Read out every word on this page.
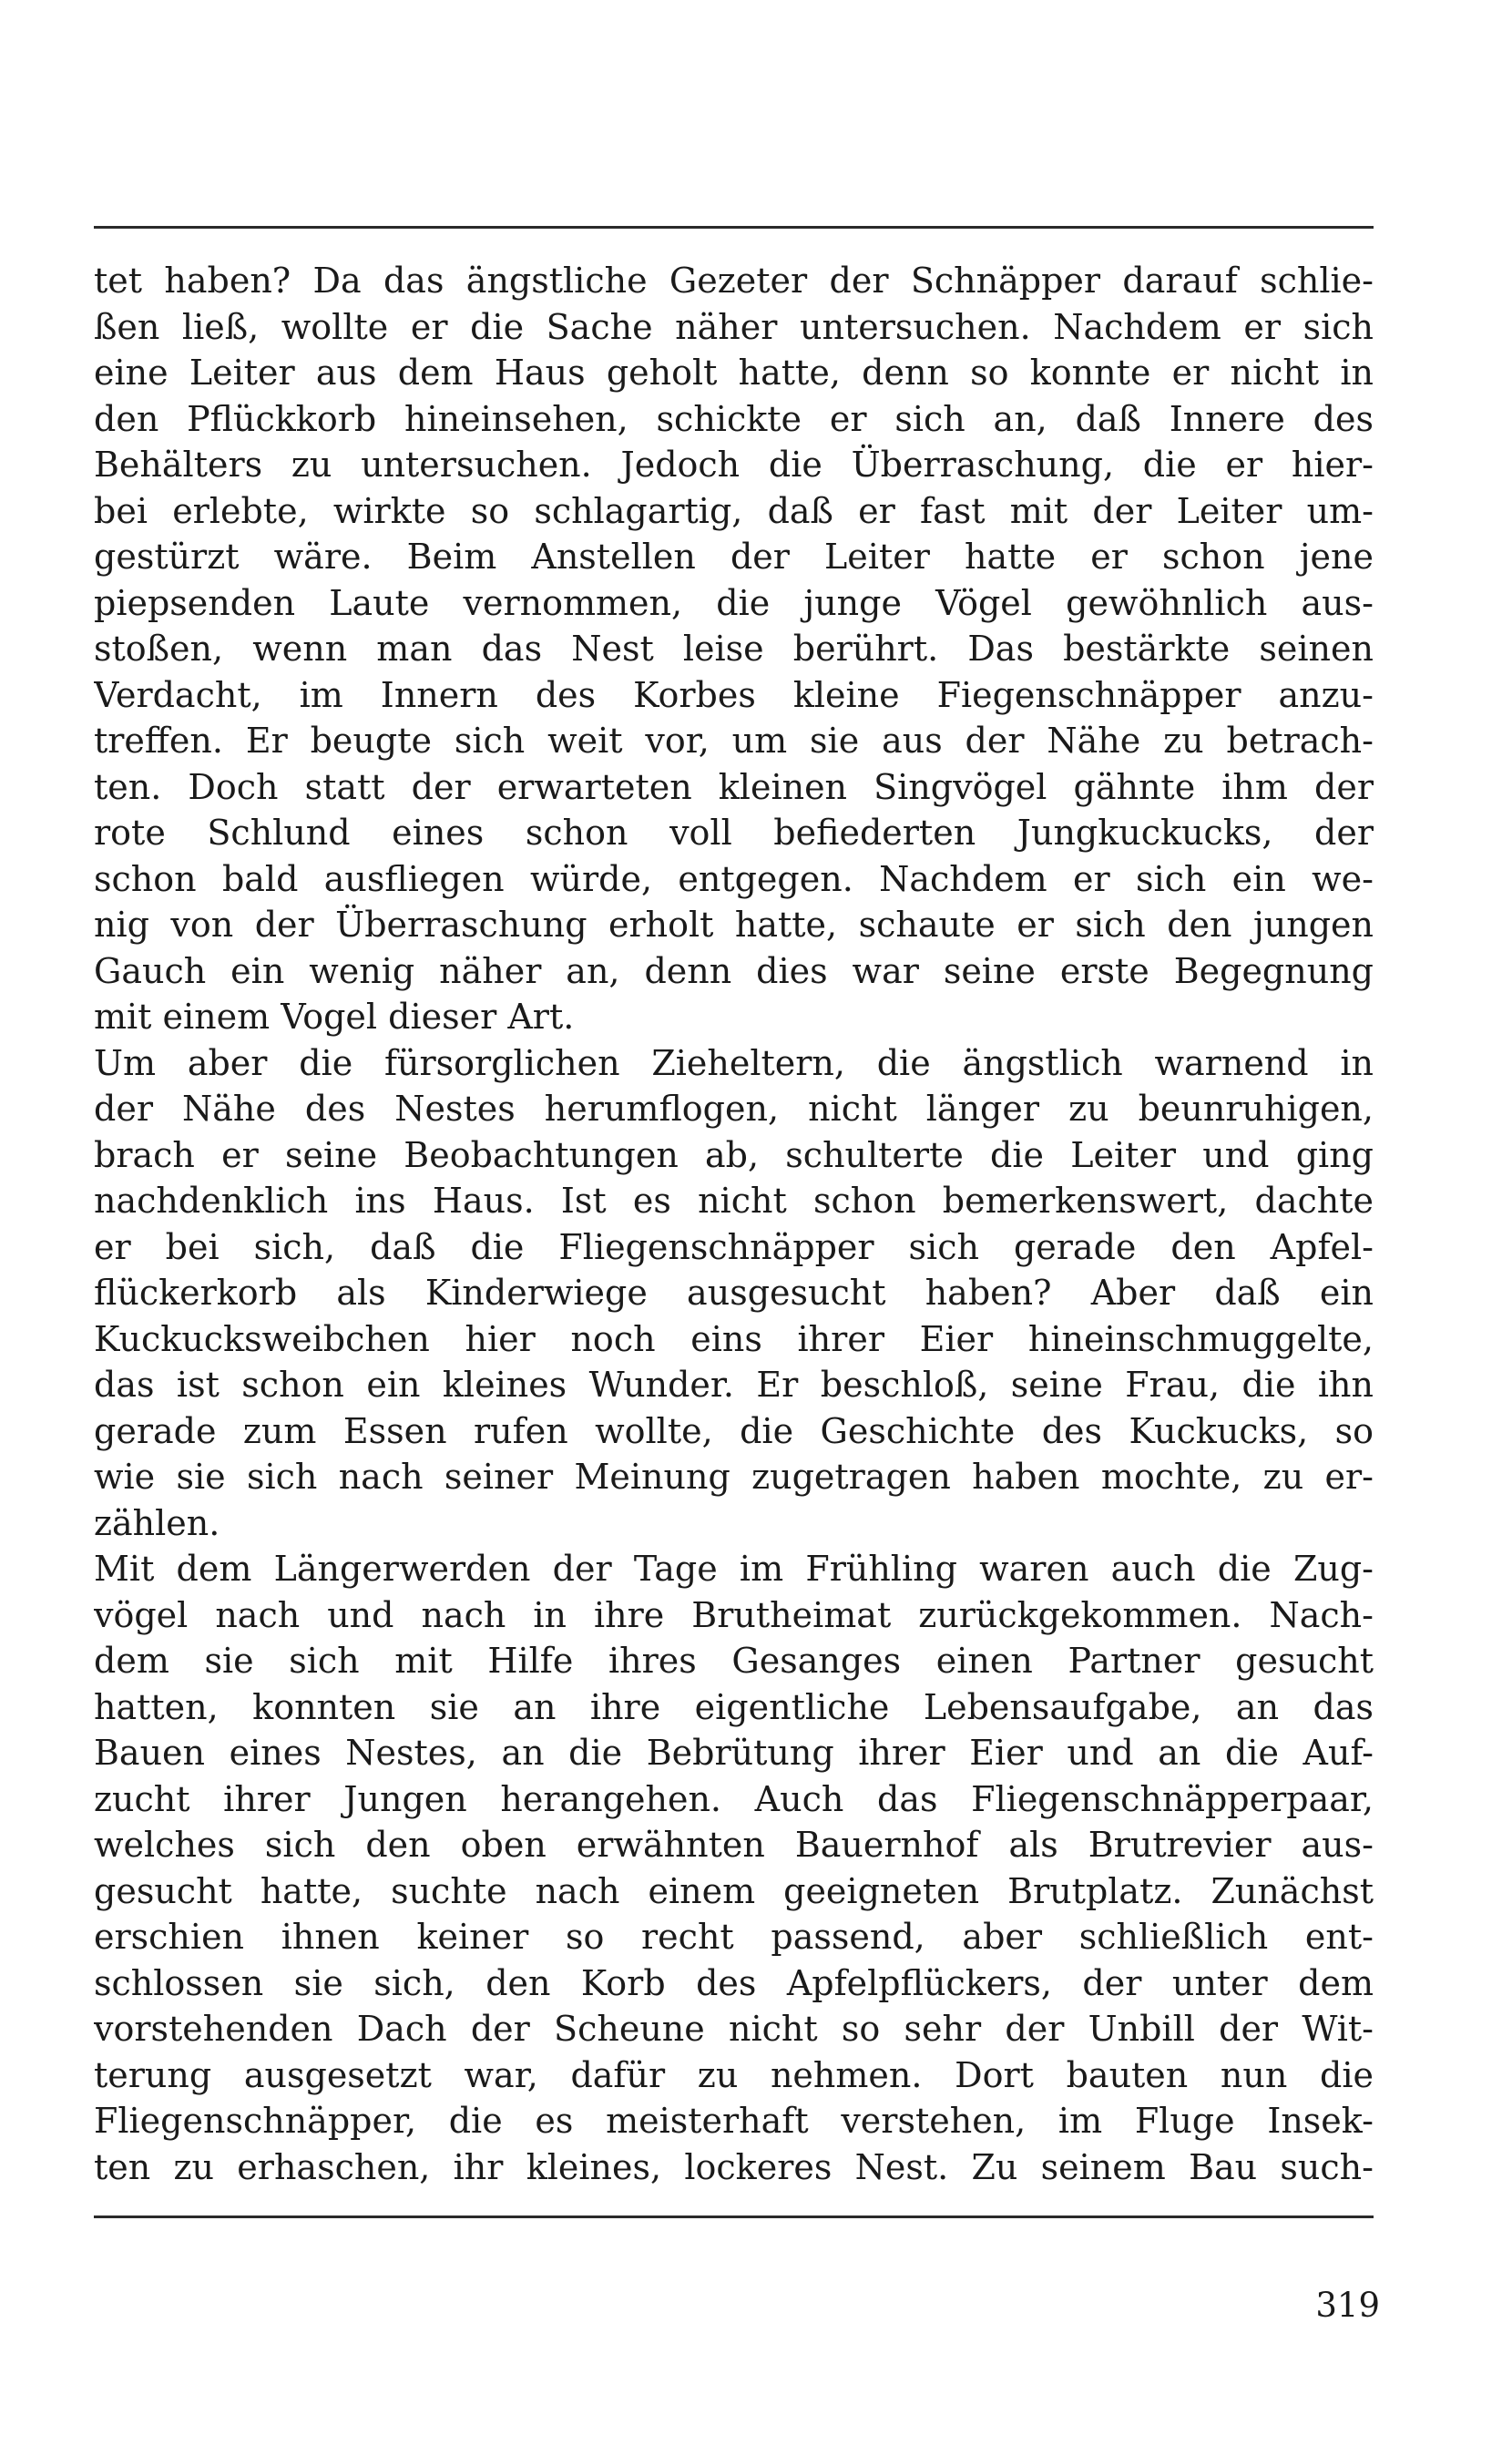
tet haben? Da das ängstliche Gezeter der Schnäpper darauf schlie-
ßen ließ, wollte er die Sache näher untersuchen. Nachdem er sich
eine Leiter aus dem Haus geholt hatte, denn so konnte er nicht in
den Pflückkorb hineinsehen, schickte er sich an, daß Innere des
Behälters zu untersuchen. Jedoch die Überraschung, die er hier-
bei erlebte, wirkte so schlagartig, daß er fast mit der Leiter um-
gestürzt wäre. Beim Anstellen der Leiter hatte er schon jene
piepsenden Laute vernommen, die junge Vögel gewöhnlich aus-
stoßen, wenn man das Nest leise berührt. Das bestärkte seinen
Verdacht, im Innern des Korbes kleine Fiegenschnäpper anzu-
treffen. Er beugte sich weit vor, um sie aus der Nähe zu betrach-
ten. Doch statt der erwarteten kleinen Singvögel gähnte ihm der
rote Schlund eines schon voll befiederten Jungkuckucks, der
schon bald ausfliegen würde, entgegen. Nachdem er sich ein we-
nig von der Überraschung erholt hatte, schaute er sich den jungen
Gauch ein wenig näher an, denn dies war seine erste Begegnung
mit einem Vogel dieser Art.
Um aber die fürsorglichen Zieheltern, die ängstlich warnend in
der Nähe des Nestes herumflogen, nicht länger zu beunruhigen,
brach er seine Beobachtungen ab, schulterte die Leiter und ging
nachdenklich ins Haus. Ist es nicht schon bemerkenswert, dachte
er bei sich, daß die Fliegenschnäpper sich gerade den Apfel-
flückerkorb als Kinderwiege ausgesucht haben? Aber daß ein
Kuckucksweibchen hier noch eins ihrer Eier hineinschmuggelte,
das ist schon ein kleines Wunder. Er beschloß, seine Frau, die ihn
gerade zum Essen rufen wollte, die Geschichte des Kuckucks, so
wie sie sich nach seiner Meinung zugetragen haben mochte, zu er-
zählen.
Mit dem Längerwerden der Tage im Frühling waren auch die Zug-
vögel nach und nach in ihre Brutheimat zurückgekommen. Nach-
dem sie sich mit Hilfe ihres Gesanges einen Partner gesucht
hatten, konnten sie an ihre eigentliche Lebensaufgabe, an das
Bauen eines Nestes, an die Bebrütung ihrer Eier und an die Auf-
zucht ihrer Jungen herangehen. Auch das Fliegenschnäpperpaar,
welches sich den oben erwähnten Bauernhof als Brutrevier aus-
gesucht hatte, suchte nach einem geeigneten Brutplatz. Zunächst
erschien ihnen keiner so recht passend, aber schließlich ent-
schlossen sie sich, den Korb des Apfelpflückers, der unter dem
vorstehenden Dach der Scheune nicht so sehr der Unbill der Wit-
terung ausgesetzt war, dafür zu nehmen. Dort bauten nun die
Fliegenschnäpper, die es meisterhaft verstehen, im Fluge Insek-
ten zu erhaschen, ihr kleines, lockeres Nest. Zu seinem Bau such-
319
